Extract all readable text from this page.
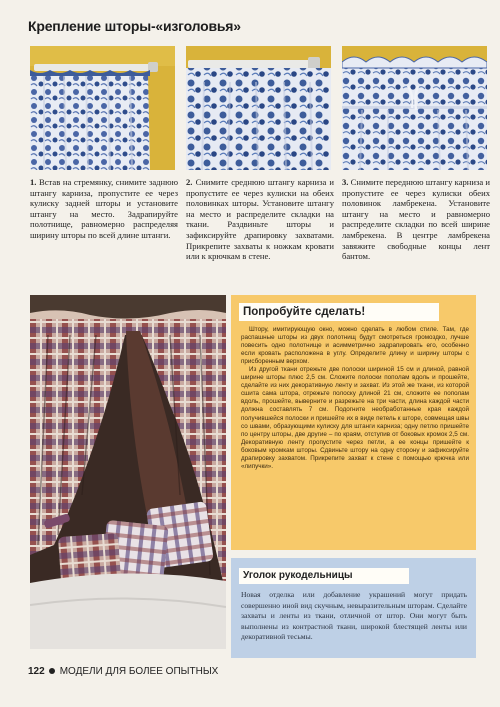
Крепление шторы-«изголовья»
1. Встав на стремянку, снимите заднюю штангу карниза, пропустите ее через кулиску задней шторы и установите штангу на место. Задрапируйте полотнище, равномерно распределяя ширину шторы по всей длине штанги.
2. Снимите среднюю штангу карниза и пропустите ее через кулиски на обеих половинках шторы. Установите штангу на место и распределите складки на ткани. Раздвиньте шторы и зафиксируйте драпировку захватами. Прикрепите захваты к ножкам кровати или к крючкам в стене.
3. Снимите переднюю штангу карниза и пропустите ее через кулиски обеих половинок ламбрекена. Установите штангу на место и равномерно распределите складки по всей ширине ламбрекена. В центре ламбрекена завяжите свободные концы лент бантом.
Попробуйте сделать!

Штору, имитирующую окно, можно сделать в любом стиле. Там, где распашные шторы из двух полотнищ будут смотреться громоздко, лучше повесить одно полотнище и асимметрично задрапировать его, особенно если кровать расположена в углу. Определите длину и ширину шторы с присборенным верхом.

Из другой ткани отрежьте две полоски шириной 15 см и длиной, равной ширине шторы плюс 2,5 см. Сложите полоски пополам вдоль и прошейте, сделайте из них декоративную ленту и захват. Из этой же ткани, из которой сшита сама штора, отрежьте полоску длиной 21 см, сложите ее пополам вдоль, прошейте, выверните и разрежьте на три части, длина каждой части должна составлять 7 см. Подогните необработанные края каждой получившейся полоски и пришейте их в виде петель к шторе, совмещая швы со швами, образующими кулиску для штанги карниза; одну петлю пришейте по центру шторы, две другие – по краям, отступив от боковых кромок 2,5 см. Декоративную ленту пропустите через петли, а ее концы пришейте к боковым кромкам шторы. Сдвиньте штору на одну сторону и зафиксируйте драпировку захватом. Прикрепите захват к стене с помощью крючка или «липучки».

Уголок рукодельницы
Новая отделка или добавление украшений могут придать совершенно иной вид скучным, невыразительным шторам. Сделайте захваты и ленты из ткани, отличной от штор. Они могут быть выполнены из контрастной ткани, широкой блестящей ленты или декоративной тесьмы.
122 МОДЕЛИ ДЛЯ БОЛЕЕ ОПЫТНЫХ
